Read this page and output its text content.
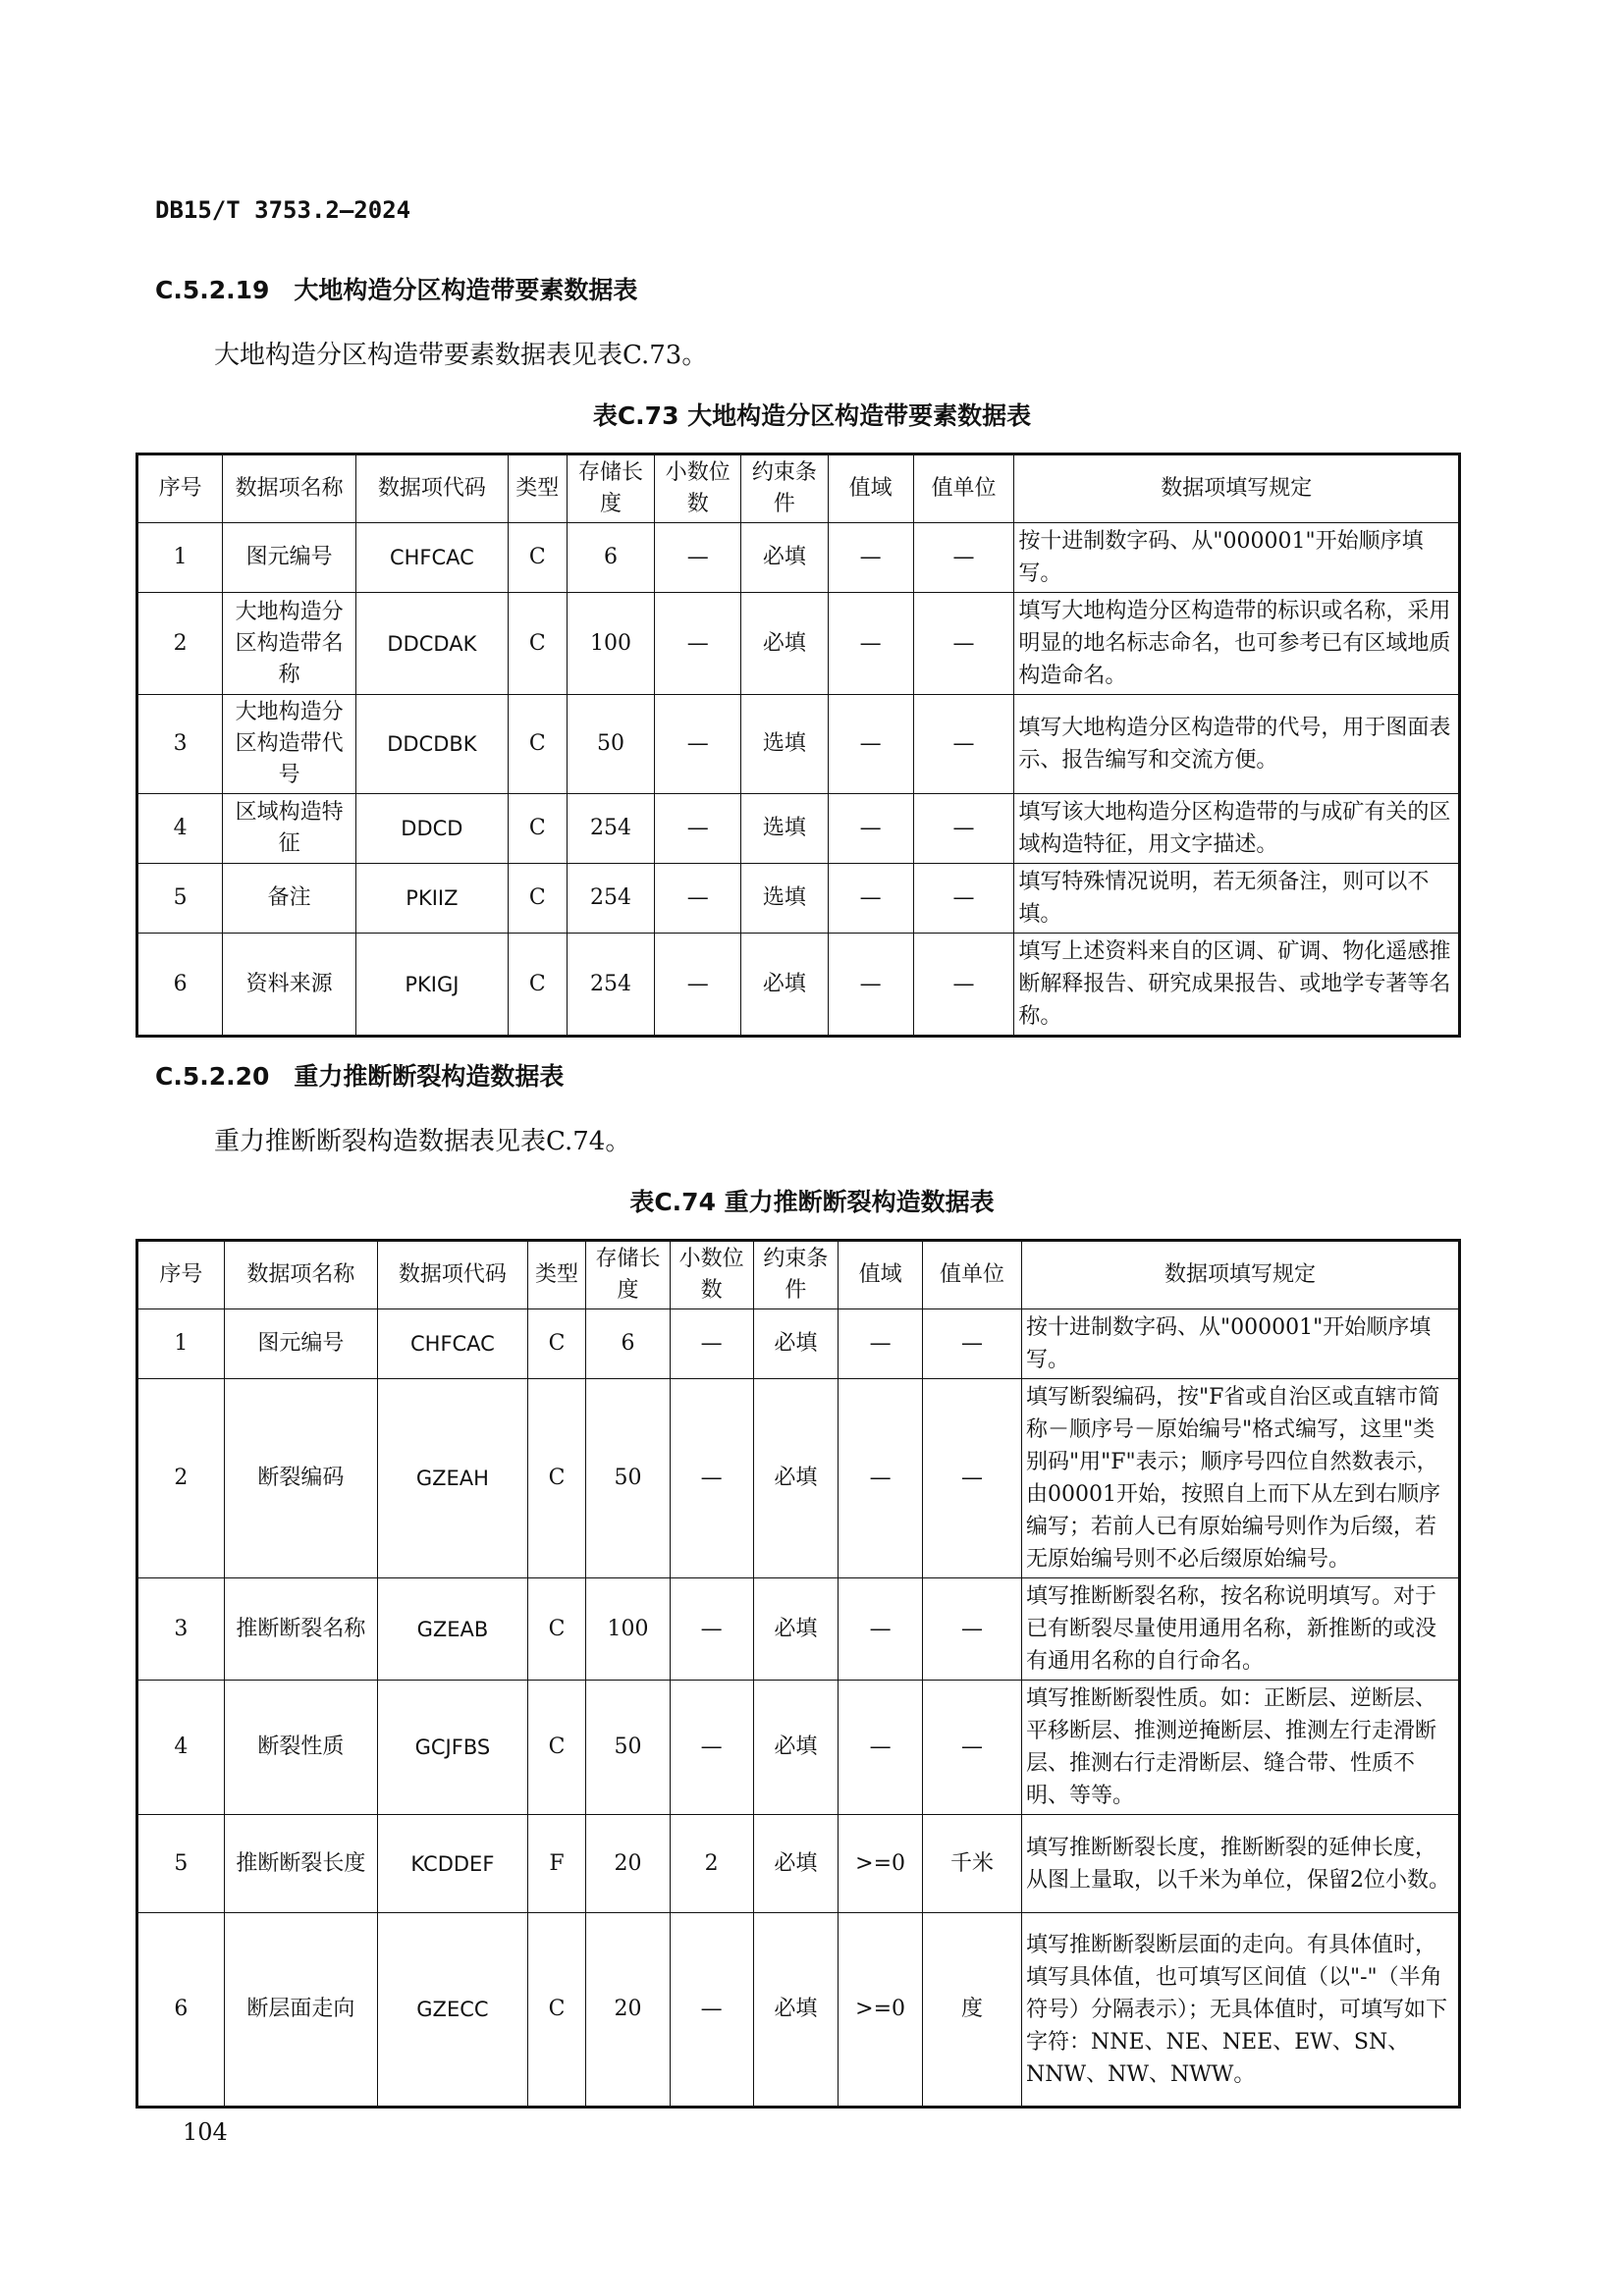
DB15/T 3753.2—2024
C.5.2.19　大地构造分区构造带要素数据表
大地构造分区构造带要素数据表见表C.73。
表C.73 大地构造分区构造带要素数据表
序号	数据项名称	数据项代码	类型	存储长度	小数位数	约束条件	值域	值单位	数据项填写规定
1	图元编号	CHFCAC	C	6	—	必填	—	—	按十进制数字码、从"000001"开始顺序填写。
2	大地构造分区构造带名称	DDCDAK	C	100	—	必填	—	—	填写大地构造分区构造带的标识或名称，采用明显的地名标志命名，也可参考已有区域地质构造命名。
3	大地构造分区构造带代号	DDCDBK	C	50	—	选填	—	—	填写大地构造分区构造带的代号，用于图面表示、报告编写和交流方便。
4	区域构造特征	DDCD	C	254	—	选填	—	—	填写该大地构造分区构造带的与成矿有关的区域构造特征，用文字描述。
5	备注	PKIIZ	C	254	—	选填	—	—	填写特殊情况说明，若无须备注，则可以不填。
6	资料来源	PKIGJ	C	254	—	必填	—	—	填写上述资料来自的区调、矿调、物化遥感推断解释报告、研究成果报告、或地学专著等名称。
C.5.2.20　重力推断断裂构造数据表
重力推断断裂构造数据表见表C.74。
表C.74 重力推断断裂构造数据表
序号	数据项名称	数据项代码	类型	存储长度	小数位数	约束条件	值域	值单位	数据项填写规定
1	图元编号	CHFCAC	C	6	—	必填	—	—	按十进制数字码、从"000001"开始顺序填写。
2	断裂编码	GZEAH	C	50	—	必填	—	—	填写断裂编码，按"F省或自治区或直辖市简称－顺序号－原始编号"格式编写，这里"类别码"用"F"表示；顺序号四位自然数表示，由00001开始，按照自上而下从左到右顺序编写；若前人已有原始编号则作为后缀，若无原始编号则不必后缀原始编号。
3	推断断裂名称	GZEAB	C	100	—	必填	—	—	填写推断断裂名称，按名称说明填写。对于已有断裂尽量使用通用名称，新推断的或没有通用名称的自行命名。
4	断裂性质	GCJFBS	C	50	—	必填	—	—	填写推断断裂性质。如：正断层、逆断层、平移断层、推测逆掩断层、推测左行走滑断层、推测右行走滑断层、缝合带、性质不明、等等。
5	推断断裂长度	KCDDEF	F	20	2	必填	>=0	千米	填写推断断裂长度，推断断裂的延伸长度，从图上量取，以千米为单位，保留2位小数。
6	断层面走向	GZECC	C	20	—	必填	>=0	度	填写推断断裂断层面的走向。有具体值时，填写具体值，也可填写区间值（以"-"（半角符号）分隔表示）；无具体值时，可填写如下字符：NNE、NE、NEE、EW、SN、NNW、NW、NWW。
104
